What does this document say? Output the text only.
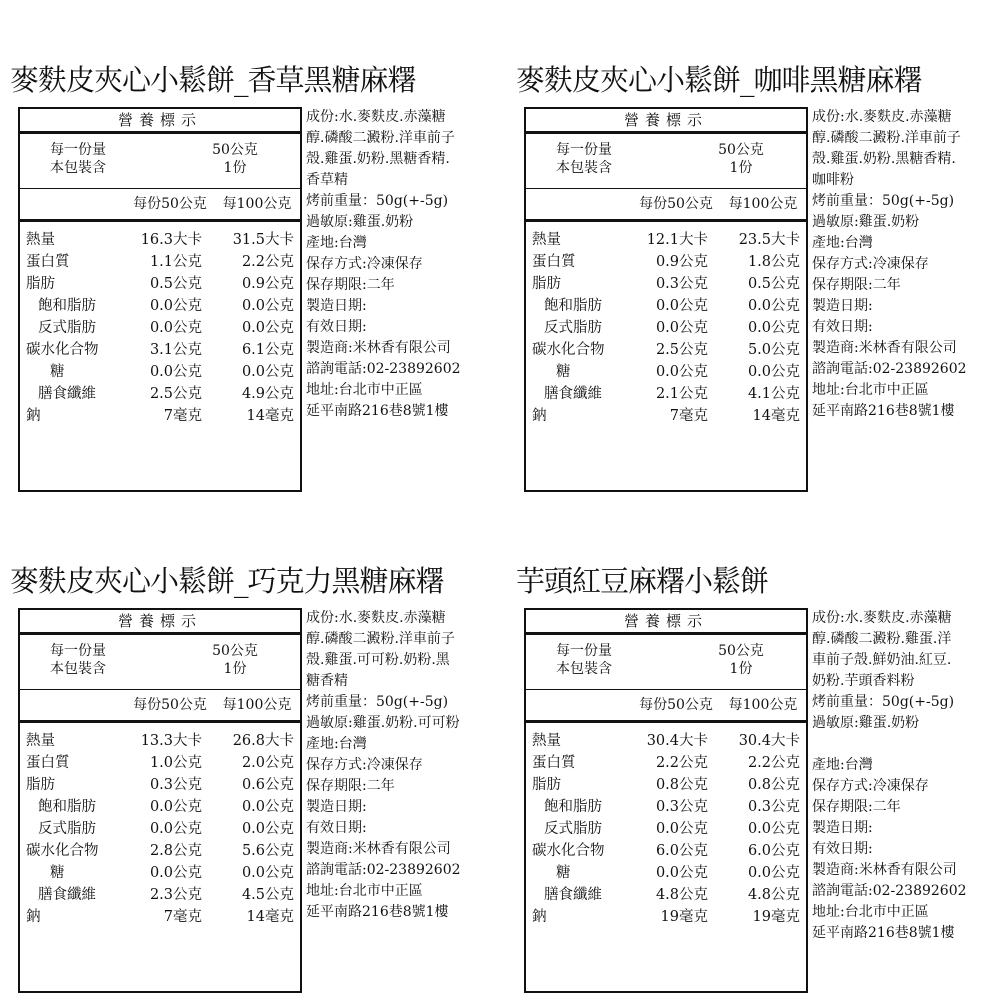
麥麩皮夾心小鬆餅_香草黑糖麻糬
營養標示
每一份量	50公克
本包裝含	1份
每份50公克	每100公克
熱量	16.3大卡 31.5大卡
蛋白質	1.1公克	2.2公克
脂肪	0.5公克	0.9公克
飽和脂肪	0.0公克	0.0公克
反式脂肪	0.0公克	0.0公克
碳水化合物	3.1公克	6.1公克
糖	0.0公克	0.0公克
膳食纖維	2.5公克	4.9公克
鈉	7毫克	14毫克
成份:水.麥麩皮.赤藻糖
醇.磷酸二澱粉.洋車前子
殼.雞蛋.奶粉.黑糖香精.
香草精
烤前重量：50g(+-5g)
過敏原:雞蛋.奶粉
產地:台灣
保存方式:冷凍保存
保存期限:二年
製造日期:
有效日期:
製造商:米林香有限公司
諮詢電話:02-23892602
地址:台北市中正區
延平南路216巷8號1樓
麥麩皮夾心小鬆餅_咖啡黑糖麻糬
營養標示
每一份量	50公克
本包裝含	1份
每份50公克	每100公克
熱量	12.1大卡 23.5大卡
蛋白質	0.9公克	1.8公克
脂肪	0.3公克	0.5公克
飽和脂肪	0.0公克	0.0公克
反式脂肪	0.0公克	0.0公克
碳水化合物	2.5公克	5.0公克
糖	0.0公克	0.0公克
膳食纖維	2.1公克	4.1公克
鈉	7毫克	14毫克
成份:水.麥麩皮.赤藻糖
醇.磷酸二澱粉.洋車前子
殼.雞蛋.奶粉.黑糖香精.
咖啡粉
烤前重量：50g(+-5g)
過敏原:雞蛋.奶粉
產地:台灣
保存方式:冷凍保存
保存期限:二年
製造日期:
有效日期:
製造商:米林香有限公司
諮詢電話:02-23892602
地址:台北市中正區
延平南路216巷8號1樓
麥麩皮夾心小鬆餅_巧克力黑糖麻糬
營養標示
每一份量	50公克
本包裝含	1份
每份50公克	每100公克
熱量	13.3大卡 26.8大卡
蛋白質	1.0公克	2.0公克
脂肪	0.3公克	0.6公克
飽和脂肪	0.0公克	0.0公克
反式脂肪	0.0公克	0.0公克
碳水化合物	2.8公克	5.6公克
糖	0.0公克	0.0公克
膳食纖維	2.3公克	4.5公克
鈉	7毫克	14毫克
成份:水.麥麩皮.赤藻糖
醇.磷酸二澱粉.洋車前子
殼.雞蛋.可可粉.奶粉.黑
糖香精
烤前重量：50g(+-5g)
過敏原:雞蛋.奶粉.可可粉
產地:台灣
保存方式:冷凍保存
保存期限:二年
製造日期:
有效日期:
製造商:米林香有限公司
諮詢電話:02-23892602
地址:台北市中正區
延平南路216巷8號1樓
芋頭紅豆麻糬小鬆餅
營養標示
每一份量	50公克
本包裝含	1份
每份50公克	每100公克
熱量	30.4大卡 30.4大卡
蛋白質	2.2公克	2.2公克
脂肪	0.8公克	0.8公克
飽和脂肪	0.3公克	0.3公克
反式脂肪	0.0公克	0.0公克
碳水化合物	6.0公克	6.0公克
糖	0.0公克	0.0公克
膳食纖維	4.8公克	4.8公克
鈉	19毫克	19毫克
成份:水.麥麩皮.赤藻糖
醇.磷酸二澱粉.雞蛋.洋
車前子殼.鮮奶油.紅豆.
奶粉.芋頭香料粉
烤前重量：50g(+-5g)
過敏原:雞蛋.奶粉

產地:台灣
保存方式:冷凍保存
保存期限:二年
製造日期:
有效日期:
製造商:米林香有限公司
諮詢電話:02-23892602
地址:台北市中正區
延平南路216巷8號1樓
